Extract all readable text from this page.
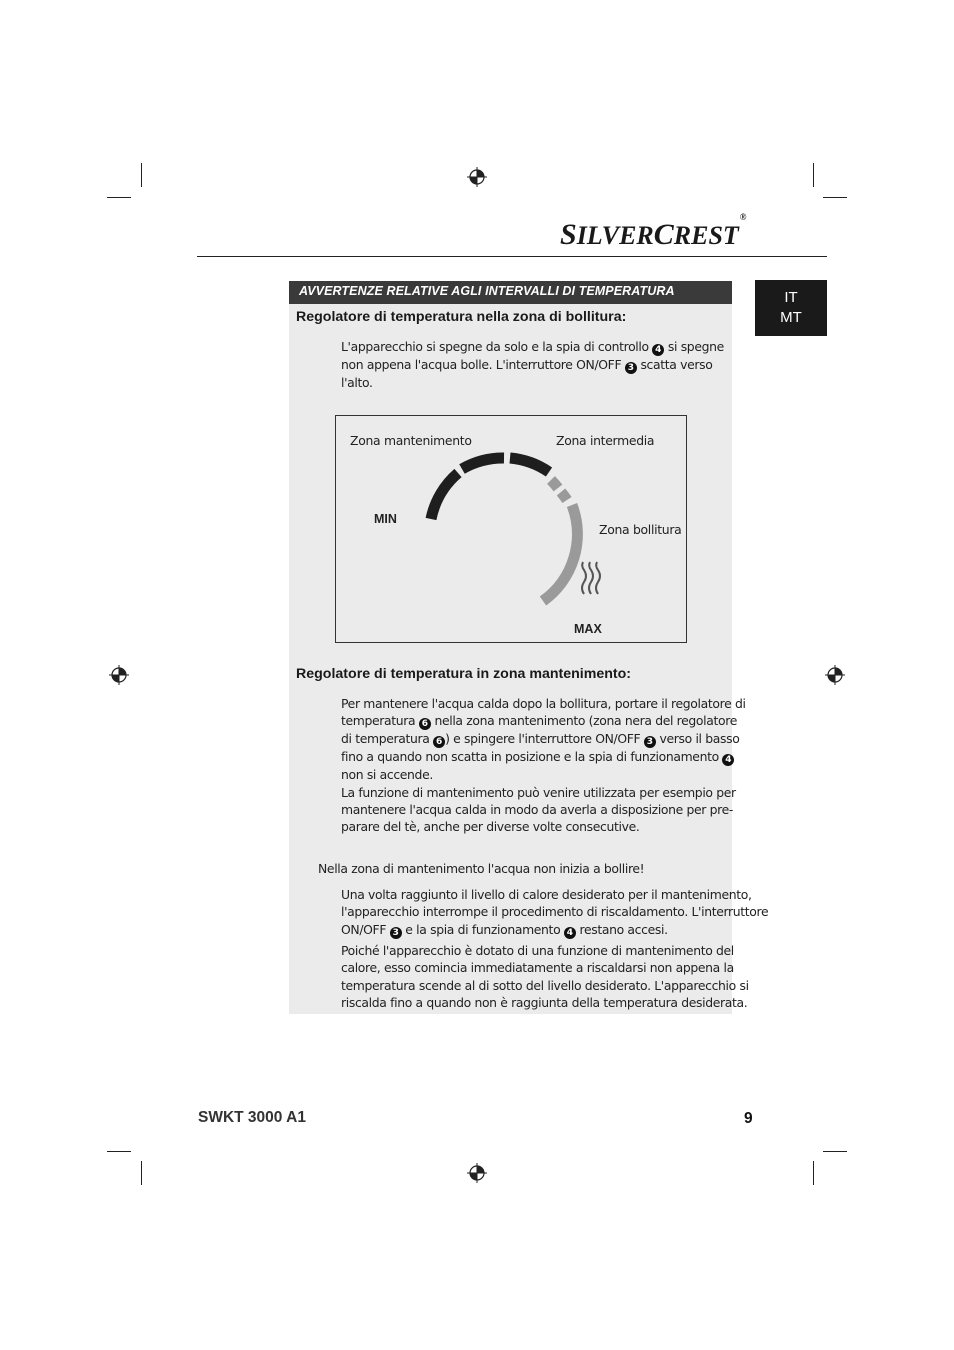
SILVERCREST®
IT
MT
AVVERTENZE RELATIVE AGLI INTERVALLI DI TEMPERATURA
Regolatore di temperatura nella zona di bollitura:
L'apparecchio si spegne da solo e la spia di controllo 4 si spegne
non appena l'acqua bolle. L'interruttore ON/OFF 3 scatta verso
l'alto.
Zona mantenimento	Zona intermedia
Zona bollitura
MIN
MAX
Regolatore di temperatura in zona mantenimento:
Per mantenere l'acqua calda dopo la bollitura, portare il regolatore di
temperatura 6 nella zona mantenimento (zona nera del regolatore
di temperatura 6 ) e spingere l'interruttore ON/OFF 3 verso il basso
fino a quando non scatta in posizione e la spia di funzionamento 4
non si accende.
La funzione di mantenimento può venire utilizzata per esempio per
mantenere l'acqua calda in modo da averla a disposizione per pre-
parare del tè, anche per diverse volte consecutive.
Nella zona di mantenimento l'acqua non inizia a bollire!
Una volta raggiunto il livello di calore desiderato per il mantenimento,
l'apparecchio interrompe il procedimento di riscaldamento. L'interruttore
ON/OFF 3 e la spia di funzionamento 4 restano accesi.
Poiché l'apparecchio è dotato di una funzione di mantenimento del
calore, esso comincia immediatamente a riscaldarsi non appena la
temperatura scende al di sotto del livello desiderato. L'apparecchio si
riscalda fino a quando non è raggiunta della temperatura desiderata.
SWKT 3000 A1	9
